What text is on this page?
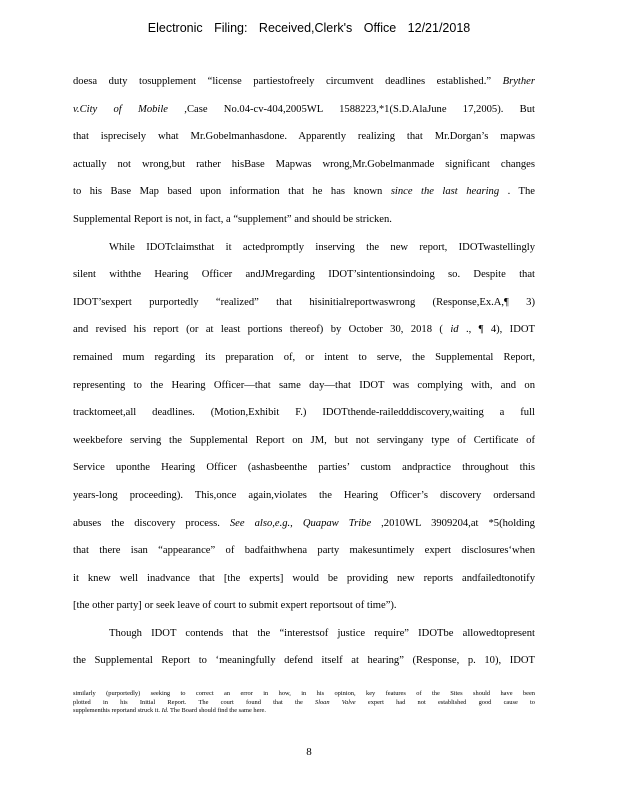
Electronic Filing: Received,Clerk's Office 12/21/2018
doesa duty tosupplement “license partiestofreely circumvent deadlines established.” Bryther
v.City of Mobile ,Case No.04-cv-404,2005WL 1588223,*1(S.D.AlaJune 17,2005). But
that isprecisely what Mr.Gobelmanhasdone. Apparently realizing that Mr.Dorgan’s mapwas
actually not wrong,but rather hisBase Mapwas wrong,Mr.Gobelmanmade significant changes
to his Base Map based upon information that he has known since the last hearing . The
Supplemental Report is not, in fact, a “supplement” and should be stricken.
While IDOTclaimsthat it actedpromptly inserving the new report, IDOTwastellingly
silent withthe Hearing Officer andJMregarding IDOT’sintentionsindoing so. Despite that
IDOT’sexpert purportedly “realized” that hisinitialreportwaswrong (Response,Ex.A,¶ 3)
and revised his report (or at least portions thereof) by October 30, 2018 ( id ., ¶ 4), IDOT
remained mum regarding its preparation of, or intent to serve, the Supplemental Report,
representing to the Hearing Officer—that same day—that IDOT was complying with, and on
tracktomeet,all deadlines. (Motion,Exhibit F.) IDOTthende-railedddiscovery,waiting a full
weekbefore serving the Supplemental Report on JM, but not servingany type of Certificate of
Service uponthe Hearing Officer (ashasbeenthe parties’ custom andpractice throughout this
years-long proceeding). This,once again,violates the Hearing Officer’s discovery ordersand
abuses the discovery process. See also,e.g., Quapaw Tribe ,2010WL 3909204,at *5(holding
that there isan “appearance” of badfaithwhena party makesuntimely expert disclosures‘when
it knew well inadvance that [the experts] would be providing new reports andfailedtonotify
[the other party] or seek leave of court to submit expert reportsout of time”).
Though IDOT contends that the “interestsof justice require” IDOTbe allowedtopresent
the Supplemental Report to ‘meaningfully defend itself at hearing” (Response, p. 10), IDOT
similarly (purportedly) seeking to correct an error in how, in his opinion, key features of the Sites should have been
plotted in his Initial Report. The court found that the Sloan Valve expert had not established good cause to
supplementhis reportand struck it. Id. The Board should find the same here.
8
